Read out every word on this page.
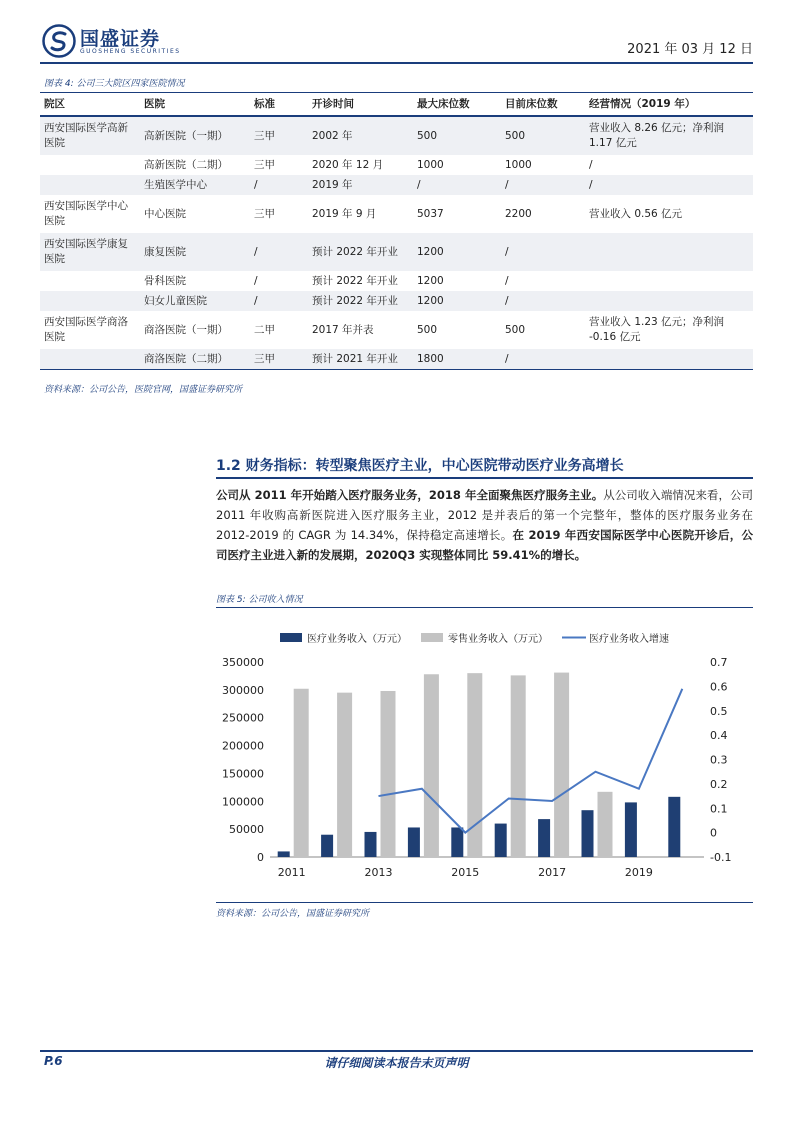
国盛证券
GUOSHENG SECURITIES	2021 年 03 月 12 日
图表 4: 公司三大院区四家医院情况
院区	医院	标准	开诊时间	最大床位数	目前床位数	经营情况（2019 年）
西安国际医学高新医院	高新医院（一期）	三甲	2002 年	500	500	营业收入 8.26 亿元；净利润 1.17 亿元
	高新医院（二期）	三甲	2020 年 12 月	1000	1000	/
	生殖医学中心	/	2019 年	/	/	/
西安国际医学中心医院	中心医院	三甲	2019 年 9 月	5037	2200	营业收入 0.56 亿元
西安国际医学康复医院	康复医院	/	预计 2022 年开业	1200	/	
	骨科医院	/	预计 2022 年开业	1200	/	
	妇女儿童医院	/	预计 2022 年开业	1200	/	
西安国际医学商洛医院	商洛医院（一期）	二甲	2017 年并表	500	500	营业收入 1.23 亿元；净利润 -0.16 亿元
	商洛医院（二期）	三甲	预计 2021 年开业	1800	/	
资料来源：公司公告，医院官网，国盛证券研究所
1.2 财务指标：转型聚焦医疗主业，中心医院带动医疗业务高增长
公司从 2011 年开始踏入医疗服务业务，2018 年全面聚焦医疗服务主业。从公司收入端情况来看，公司 2011 年收购高新医院进入医疗服务主业，2012 是并表后的第一个完整年，整体的医疗服务业务在 2012-2019 的 CAGR 为 14.34%，保持稳定高速增长。在 2019 年西安国际医学中心医院开诊后，公司医疗主业进入新的发展期，2020Q3 实现整体同比 59.41%的增长。
图表 5: 公司收入情况
医疗业务收入（万元）	零售业务收入（万元）	医疗业务收入增速
0
50000
100000
150000
200000
250000
300000
350000
-0.1
0
0.1
0.2
0.3
0.4
0.5
0.6
0.7
2011	2013	2015	2017	2019
资料来源：公司公告，国盛证券研究所
P.6	请仔细阅读本报告末页声明
